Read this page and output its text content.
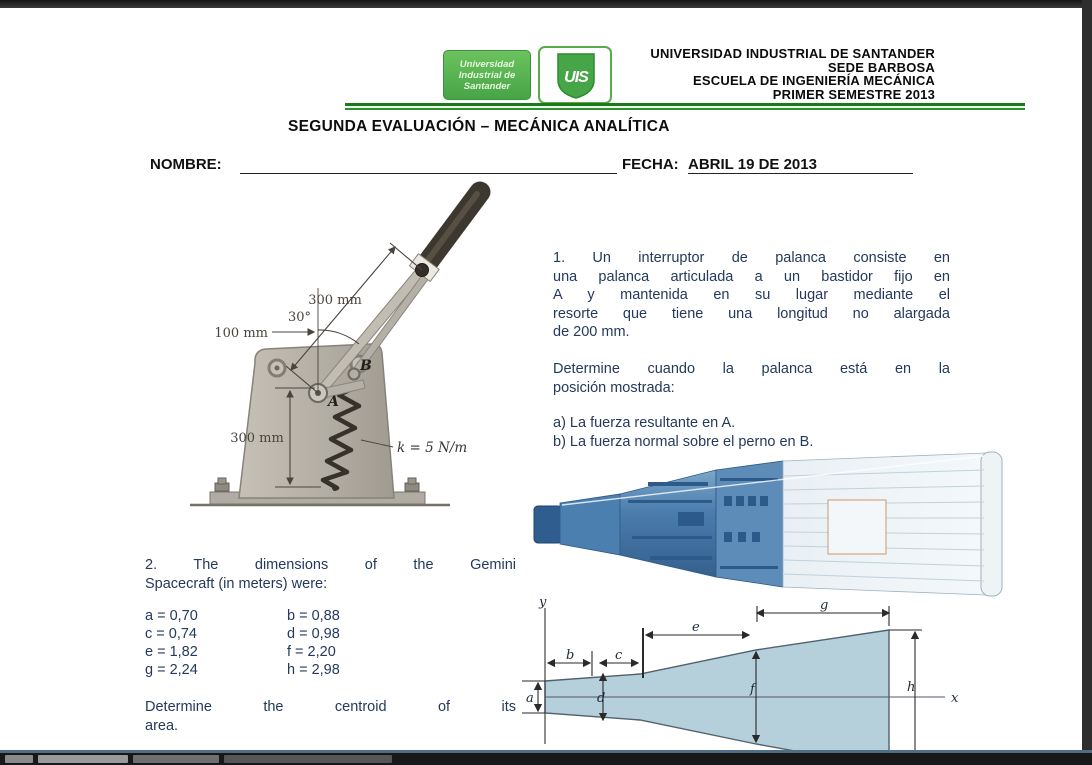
Universidad
Industrial de
Santander
UIS
UNIVERSIDAD INDUSTRIAL DE SANTANDER
SEDE BARBOSA
ESCUELA DE INGENIERÍA MECÁNICA
PRIMER SEMESTRE 2013
SEGUNDA EVALUACIÓN – MECÁNICA ANALÍTICA
NOMBRE:	FECHA: ABRIL 19 DE 2013
300 mm
30°
100 mm
300 mm
k = 5 N/m
A
B
1. Un interruptor de palanca consiste en
una palanca articulada a un bastidor fijo en
A y mantenida en su lugar mediante el
resorte que tiene una longitud no alargada
de 200 mm.
Determine cuando la palanca está en la
posición mostrada:
a) La fuerza resultante en A.
b) La fuerza normal sobre el perno en B.
2. The dimensions of the Gemini
Spacecraft (in meters) were:
a = 0,70	b = 0,88
c = 0,74	d = 0,98
e = 1,82	f = 2,20
g = 2,24	h = 2,98
Determine the centroid of its
area.
y
x
a
b	c
d
e
f
g
h
